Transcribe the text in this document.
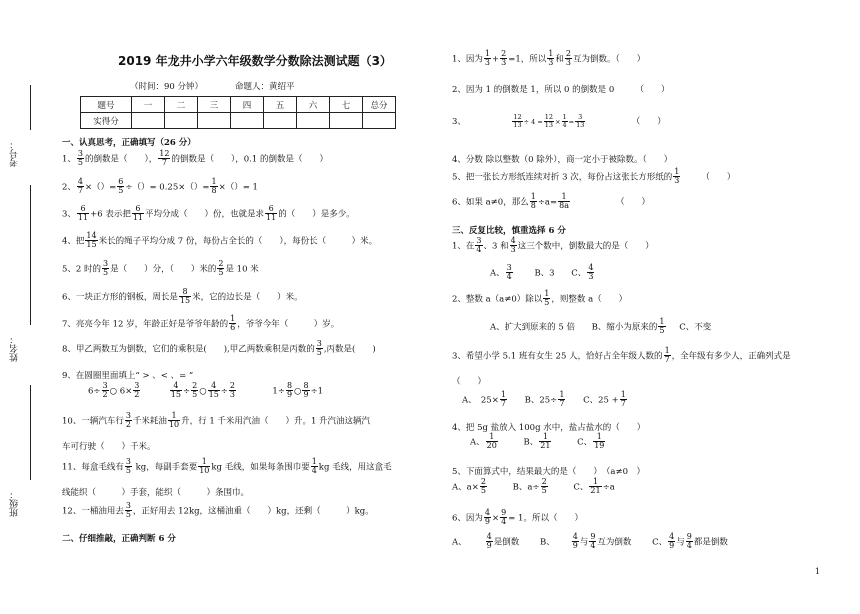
考号：
姓名：
班级：
2019 年龙井小学六年级数学分数除法测试题（3）
（时间：90 分钟）	命题人：黄绍平
题号	一	二	三	四	五	六	七	总分
实得分								
一、认真思考，正确填写（26 分）
1、 $\frac{3}{5}$ 的倒数是（　　）， $\frac{12}{7}$ 的倒数是（　　），0.1 的倒数是（　　）
2、 $\frac{4}{7}$ ×（）= $\frac{6}{5}$ ÷（）= $0.25\times()= \frac{1}{8}$ ×（）= 1
3、 $\frac{6}{11} +6$ 表示把 $\frac{6}{11}$ 平均分成（　　）份，也就是求 $\frac{6}{11}$ 的（　　）是多少。
4、把 $\frac{14}{15}$ 米长的绳子平均分成 7 份，每份占全长的（　　），每份长（　　　）米。
5、2 时的 $\frac{3}{5}$ 是（　　）分，（　　）米的 $\frac{2}{5}$ 是 10 米
6、一块正方形的钢板，周长是 $\frac{8}{15}$ 米，它的边长是（　　）米。
7、亮亮今年 12 岁，年龄正好是爷爷年龄的 $\frac{1}{6}$ ，爷爷今年（　　　）岁。
8、甲乙两数互为倒数，它们的乘积是(　　),甲乙两数乘积是丙数的 $\frac{3}{5}$ ,丙数是(　　)
9、在圆圈里面填上“ > 、< 、= ”
$6\div \frac{3}{2}$ ○ $6\times \frac{3}{2}$
	$\frac{4}{15} \div \frac{2}{5}$ ○ $\frac{4}{15} \div \frac{2}{3}$	$1\div \frac{8}{9}$ ○ $\frac{8}{9} \div 1$
10、一辆汽车行 $\frac{3}{2}$ 千米耗油 $\frac{1}{10}$ 升，行 1 千米用汽油（　　）升。1 升汽油这辆汽
车可行驶（　　）千米。
11、每盒毛线有 $\frac{3}{5}$ kg，每副手套要 $\frac{1}{10}$ kg 毛线，如果每条围巾要 $\frac{1}{4}$ kg 毛线，用这盒毛
线能织（　　　）手套，能织（　　　）条围巾。
12、一桶油用去 $\frac{3}{5}$ ，正好用去 12kg，这桶油重（　　）kg，还剩（　　　）kg。
二、仔细推敲，正确判断 6 分
1、因为 $\frac{1}{3} + \frac{2}{3} =1$，所以 $\frac{1}{3}$ 和 $\frac{2}{3}$ 互为倒数。（　　）
2、因为 1 的倒数是 1，所以 0 的倒数是 0　　　（　　）
3、	$\frac{12}{13} \div 4 = \frac{12}{13} \times \frac{1}{4} = \frac{3}{13}$	（　　）
4、分数 除以整数（0 除外），商一定小于被除数。（　　）
5、把一张长方形纸连续对折 3 次，每份占这张长方形纸的 $\frac{1}{3}$ （　　）
6、如果 a≠0，那么 $\frac{1}{8} \div a= \frac{1}{8a}$	（　　）
三、反复比较，慎重选择 6 分
1、在 $\frac{3}{4}$ 、3 和 $\frac{4}{3}$ 这三个数中，倒数最大的是（　　）
A、 $\frac{3}{4}$	B、3 C、 $\frac{4}{3}$
2、整数 a（a≠0）除以 $\frac{1}{5}$ ，则整数 a（　　）
A、扩大到原来的 5 倍 B、缩小为原来的 $\frac{1}{5}$ C、不变
3、希望小学 5.1 班有女生 25 人，恰好占全年级人数的 $\frac{1}{7}$ ，全年级有多少人，正确列式是
（　　）
A、　$25\times \frac{1}{7}$ B、$25\div \frac{1}{7}$ C、$25 + \frac{1}{7}$
4、把 5g 盐放入 100g 水中，盐占盐水的（　　）
A、 $\frac{1}{20}$	B、 $\frac{1}{21}$	C、 $\frac{1}{19}$
5、下面算式中，结果最大的是（　　）　（a≠0　）
A、$a\times \frac{2}{5}$	B、$a\div \frac{2}{5}$	C、 $\frac{1}{21} \div a$
6、因为 $\frac{4}{9} \times \frac{9}{4} = 1$。所以（　　）
A、 $\frac{4}{9}$ 是倒数 B、 $\frac{4}{9}$ 与 $\frac{9}{4}$ 互为倒数 C、 $\frac{4}{9}$ 与 $\frac{9}{4}$ 都是倒数
1
